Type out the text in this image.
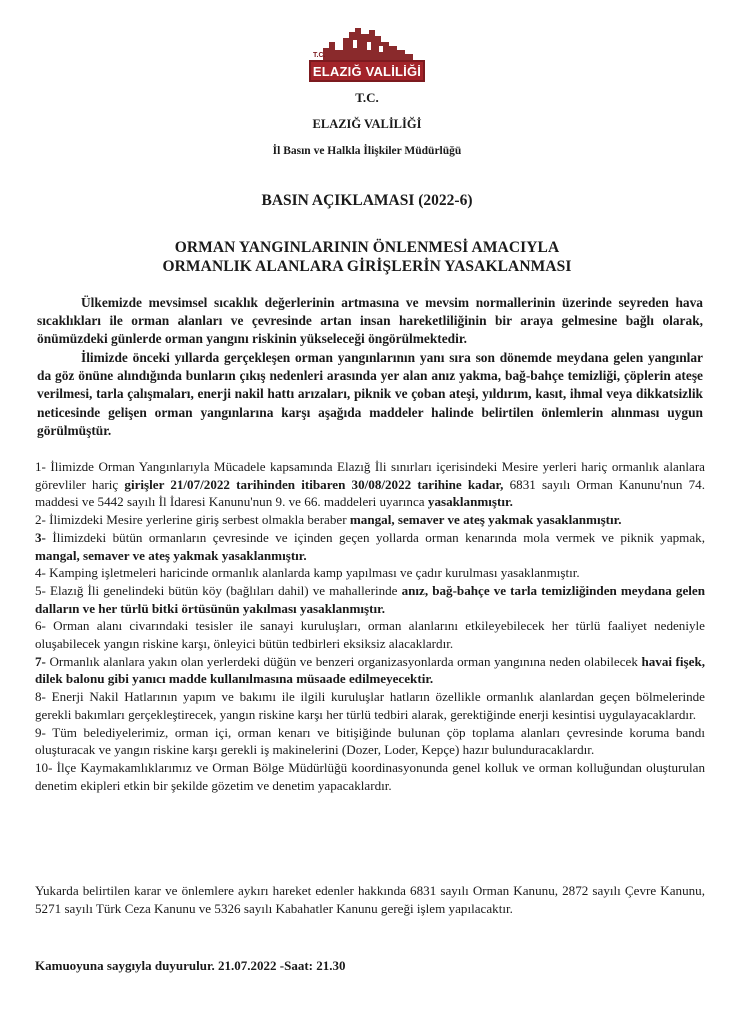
T.C.
ELAZIĞ VALİLİĞİ
T.C.
ELAZIĞ VALİLİĞİ
İl Basın ve Halkla İlişkiler Müdürlüğü
BASIN AÇIKLAMASI (2022-6)
ORMAN YANGINLARININ ÖNLENMESİ AMACIYLA
ORMANLIK ALANLARA GİRİŞLERİN YASAKLANMASI

Ülkemizde mevsimsel sıcaklık değerlerinin artmasına ve mevsim normallerinin üzerinde seyreden hava sıcaklıkları ile orman alanları ve çevresinde artan insan hareketliliğinin bir araya gelmesine bağlı olarak, önümüzdeki günlerde orman yangını riskinin yükseleceği öngörülmektedir.

İlimizde önceki yıllarda gerçekleşen orman yangınlarının yanı sıra son dönemde meydana gelen yangınlar da göz önüne alındığında bunların çıkış nedenleri arasında yer alan anız yakma, bağ-bahçe temizliği, çöplerin ateşe verilmesi, tarla çalışmaları, enerji nakil hattı arızaları, piknik ve çoban ateşi, yıldırım, kasıt, ihmal veya dikkatsizlik neticesinde gelişen orman yangınlarına karşı aşağıda maddeler halinde belirtilen önlemlerin alınması uygun görülmüştür.

1- İlimizde Orman Yangınlarıyla Mücadele kapsamında Elazığ İli sınırları içerisindeki Mesire yerleri hariç ormanlık alanlara görevliler hariç girişler 21/07/2022 tarihinden itibaren 30/08/2022 tarihine kadar, 6831 sayılı Orman Kanunu'nun 74. maddesi ve 5442 sayılı İl İdaresi Kanunu'nun 9. ve 66. maddeleri uyarınca yasaklanmıştır.

2- İlimizdeki Mesire yerlerine giriş serbest olmakla beraber mangal, semaver ve ateş yakmak yasaklanmıştır.

3- İlimizdeki bütün ormanların çevresinde ve içinden geçen yollarda orman kenarında mola vermek ve piknik yapmak, mangal, semaver ve ateş yakmak yasaklanmıştır.

4- Kamping işletmeleri haricinde ormanlık alanlarda kamp yapılması ve çadır kurulması yasaklanmıştır.

5- Elazığ İli genelindeki bütün köy (bağlıları dahil) ve mahallerinde anız, bağ-bahçe ve tarla temizliğinden meydana gelen dalların ve her türlü bitki örtüsünün yakılması yasaklanmıştır.

6- Orman alanı civarındaki tesisler ile sanayi kuruluşları, orman alanlarını etkileyebilecek her türlü faaliyet nedeniyle oluşabilecek yangın riskine karşı, önleyici bütün tedbirleri eksiksiz alacaklardır.

7- Ormanlık alanlara yakın olan yerlerdeki düğün ve benzeri organizasyonlarda orman yangınına neden olabilecek havai fişek, dilek balonu gibi yanıcı madde kullanılmasına müsaade edilmeyecektir.

8- Enerji Nakil Hatlarının yapım ve bakımı ile ilgili kuruluşlar hatların özellikle ormanlık alanlardan geçen bölmelerinde gerekli bakımları gerçekleştirecek, yangın riskine karşı her türlü tedbiri alarak, gerektiğinde enerji kesintisi uygulayacaklardır.

9- Tüm belediyelerimiz, orman içi, orman kenarı ve bitişiğinde bulunan çöp toplama alanları çevresinde koruma bandı oluşturacak ve yangın riskine karşı gerekli iş makinelerini (Dozer, Loder, Kepçe) hazır bulunduracaklardır.

10- İlçe Kaymakamlıklarımız ve Orman Bölge Müdürlüğü koordinasyonunda genel kolluk ve orman kolluğundan oluşturulan denetim ekipleri etkin bir şekilde gözetim ve denetim yapacaklardır.

Yukarda belirtilen karar ve önlemlere aykırı hareket edenler hakkında 6831 sayılı Orman Kanunu, 2872 sayılı Çevre Kanunu, 5271 sayılı Türk Ceza Kanunu ve 5326 sayılı Kabahatler Kanunu gereği işlem yapılacaktır.

Kamuoyuna saygıyla duyurulur. 21.07.2022 -Saat: 21.30
